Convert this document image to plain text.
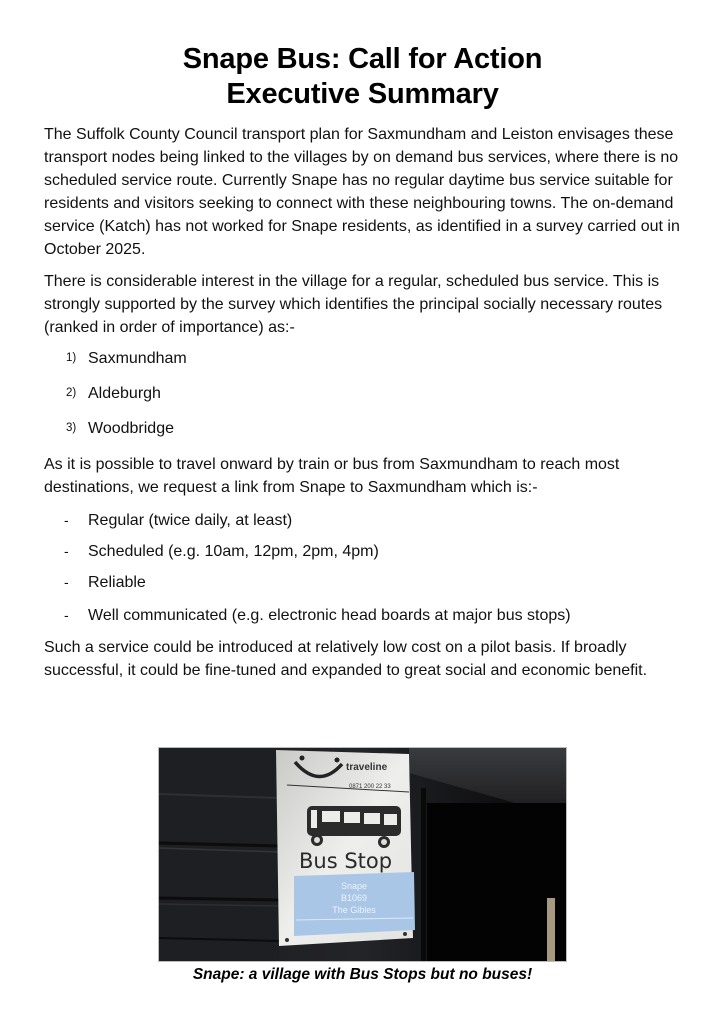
Snape Bus: Call for Action
Executive Summary

The Suffolk County Council transport plan for Saxmundham and Leiston envisages these transport nodes being linked to the villages by on demand bus services, where there is no scheduled service route. Currently Snape has no regular daytime bus service suitable for residents and visitors seeking to connect with these neighbouring towns. The on-demand service (Katch) has not worked for Snape residents, as identified in a survey carried out in October 2025.

There is considerable interest in the village for a regular, scheduled bus service. This is strongly supported by the survey which identifies the principal socially necessary routes (ranked in order of importance) as:-

1) Saxmundham
2) Aldeburgh
3) Woodbridge

As it is possible to travel onward by train or bus from Saxmundham to reach most destinations, we request a link from Snape to Saxmundham which is:-

- Regular (twice daily, at least)
- Scheduled (e.g. 10am, 12pm, 2pm, 4pm)
- Reliable
- Well communicated (e.g. electronic head boards at major bus stops)

Such a service could be introduced at relatively low cost on a pilot basis. If broadly successful, it could be fine-tuned and expanded to great social and economic benefit.

traveline
0871 200 22 33
Bus Stop
Snape
B1069
The Gibles
Snape: a village with Bus Stops but no buses!
